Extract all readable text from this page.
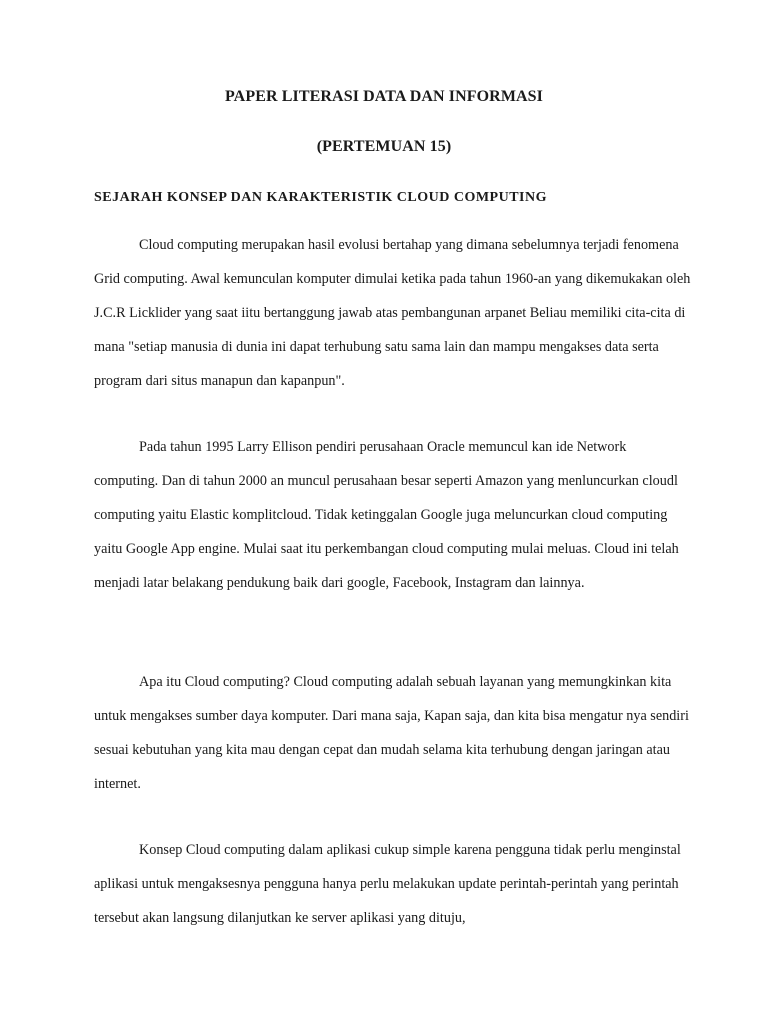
PAPER LITERASI DATA DAN INFORMASI
(PERTEMUAN 15)
SEJARAH KONSEP DAN KARAKTERISTIK CLOUD COMPUTING

Cloud computing merupakan hasil evolusi bertahap yang dimana sebelumnya terjadi fenomena Grid computing. Awal kemunculan komputer dimulai ketika pada tahun 1960-an yang dikemukakan oleh J.C.R Licklider yang saat iitu bertanggung jawab atas pembangunan arpanet Beliau memiliki cita-cita di mana "setiap manusia di dunia ini dapat terhubung satu sama lain dan mampu mengakses data serta program dari situs manapun dan kapanpun".

Pada tahun 1995 Larry Ellison pendiri perusahaan Oracle memuncul kan ide Network computing. Dan di tahun 2000 an muncul perusahaan besar seperti Amazon yang menluncurkan cloudl computing yaitu Elastic komplitcloud. Tidak ketinggalan Google juga meluncurkan cloud computing yaitu Google App engine. Mulai saat itu perkembangan cloud computing mulai meluas. Cloud ini telah menjadi latar belakang pendukung baik dari google, Facebook, Instagram dan lainnya.

Apa itu Cloud computing? Cloud computing adalah sebuah layanan yang memungkinkan kita untuk mengakses sumber daya komputer. Dari mana saja, Kapan saja, dan kita bisa mengatur nya sendiri sesuai kebutuhan yang kita mau dengan cepat dan mudah selama kita terhubung dengan jaringan atau internet.

Konsep Cloud computing dalam aplikasi cukup simple karena pengguna tidak perlu menginstal aplikasi untuk mengaksesnya pengguna hanya perlu melakukan update perintah-perintah yang perintah tersebut akan langsung dilanjutkan ke server aplikasi yang dituju,
